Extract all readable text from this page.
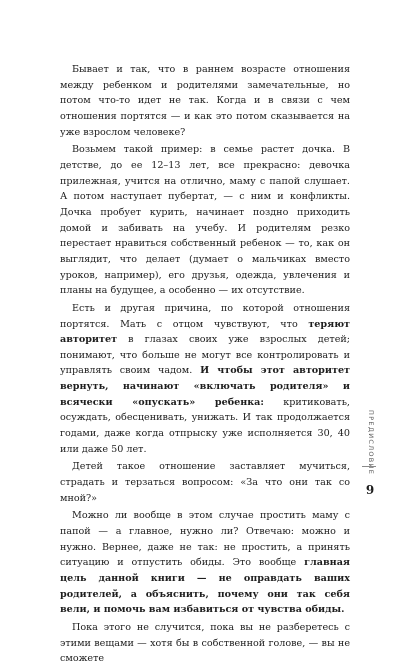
Бывает и так, что в раннем возрасте отношения между ребенком и родителями замечательные, но потом что-то идет не так. Когда и в связи с чем отношения портятся — и как это потом сказывается на уже взрослом человеке?

Возьмем такой пример: в семье растет дочка. В детстве, до ее 12–13 лет, все прекрасно: девочка прилежная, учится на отлично, маму с папой слушает. А потом наступает пубертат, — с ним и конфликты. Дочка пробует курить, начинает поздно приходить домой и забивать на учебу. И родителям резко перестает нравиться собственный ребенок — то, как он выглядит, что делает (думает о мальчиках вместо уроков, например), его друзья, одежда, увлечения и планы на будущее, а особенно — их отсутствие.

Есть и другая причина, по которой отношения портятся. Мать с отцом чувствуют, что теряют авторитет в глазах своих уже взрослых детей; понимают, что больше не могут все контролировать и управлять своим чадом. И чтобы этот авторитет вернуть, начинают «включать родителя» и всячески «опускать» ребенка: критиковать, осуждать, обесценивать, унижать. И так продолжается годами, даже когда отпрыску уже исполняется 30, 40 или даже 50 лет.

Детей такое отношение заставляет мучиться, страдать и терзаться вопросом: «За что они так со мной?»

Можно ли вообще в этом случае простить маму с папой — а главное, нужно ли? Отвечаю: можно и нужно. Вернее, даже не так: не простить, а принять ситуацию и отпустить обиды. Это вообще главная цель данной книги — не оправдать ваших родителей, а объяснить, почему они так себя вели, и помочь вам избавиться от чувства обиды.

Пока этого не случится, пока вы не разберетесь с этими вещами — хотя бы в собственной голове, — вы не сможете

ПРЕДИСЛОВИЕ
9
